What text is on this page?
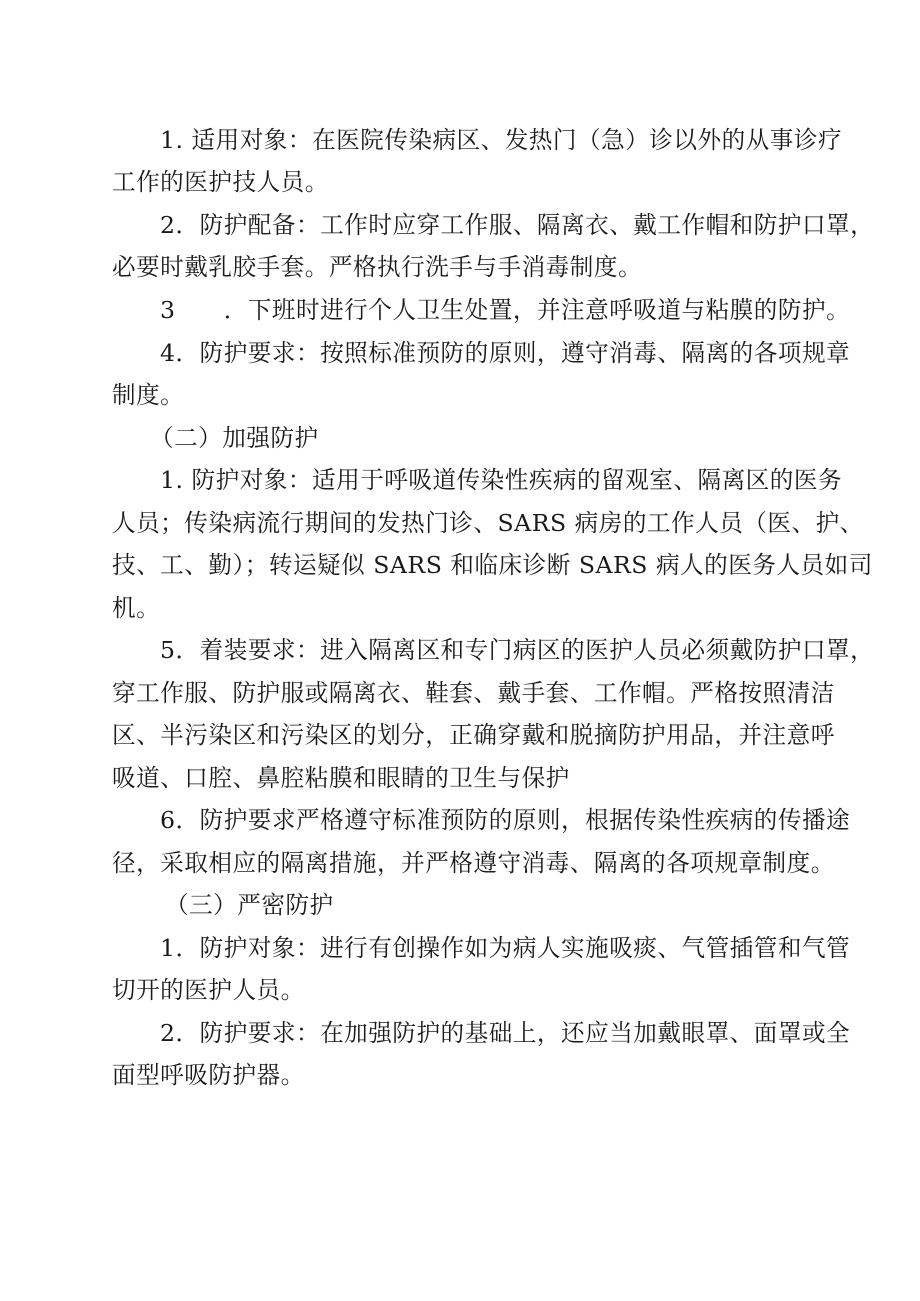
1. 适用对象：在医院传染病区、发热门（急）诊以外的从事诊疗
工作的医护技人员。
2．防护配备：工作时应穿工作服、隔离衣、戴工作帽和防护口罩，
必要时戴乳胶手套。严格执行洗手与手消毒制度。
3　　．下班时进行个人卫生处置，并注意呼吸道与粘膜的防护。
4．防护要求：按照标准预防的原则，遵守消毒、隔离的各项规章
制度。
（二）加强防护
1. 防护对象：适用于呼吸道传染性疾病的留观室、隔离区的医务
人员；传染病流行期间的发热门诊、SARS 病房的工作人员（医、护、
技、工、勤）；转运疑似 SARS 和临床诊断 SARS 病人的医务人员如司
机。
5．着装要求：进入隔离区和专门病区的医护人员必须戴防护口罩，
穿工作服、防护服或隔离衣、鞋套、戴手套、工作帽。严格按照清洁
区、半污染区和污染区的划分，正确穿戴和脱摘防护用品，并注意呼
吸道、口腔、鼻腔粘膜和眼睛的卫生与保护
6．防护要求严格遵守标准预防的原则，根据传染性疾病的传播途
径，采取相应的隔离措施，并严格遵守消毒、隔离的各项规章制度。
（三）严密防护
1．防护对象：进行有创操作如为病人实施吸痰、气管插管和气管
切开的医护人员。
2．防护要求：在加强防护的基础上，还应当加戴眼罩、面罩或全
面型呼吸防护器。
